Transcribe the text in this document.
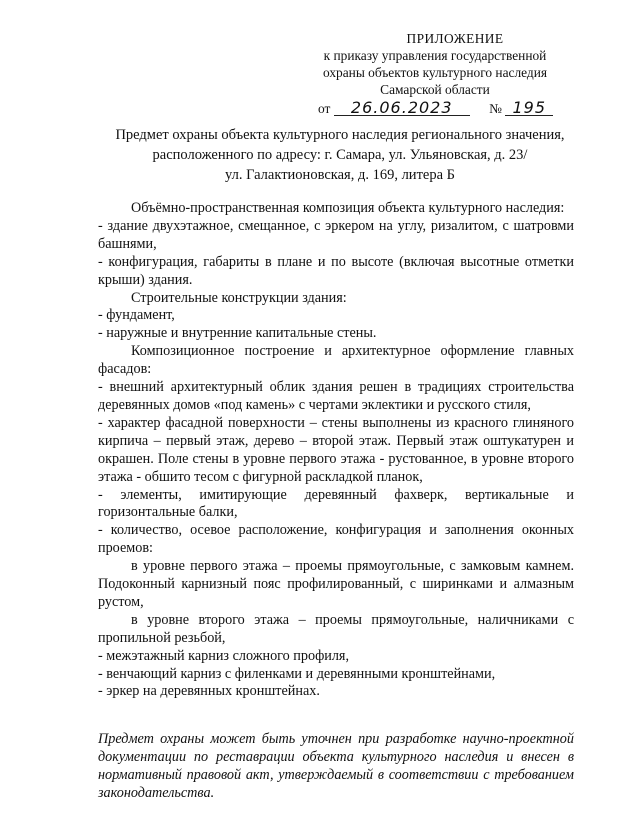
ПРИЛОЖЕНИЕ
к приказу управления государственной
охраны объектов культурного наследия
Самарской области
от 26.06.2023	№ 195
Предмет охраны объекта культурного наследия регионального значения,
расположенного по адресу: г. Самара, ул. Ульяновская, д. 23/
ул. Галактионовская, д. 169, литера Б

Объёмно-пространственная композиция объекта культурного наследия:

- здание двухэтажное, смещанное, с эркером на углу, ризалитом, с шатровми башнями,

- конфигурация, габариты в плане и по высоте (включая высотные отметки крыши) здания.

Строительные конструкции здания:

- фундамент,

- наружные и внутренние капитальные стены.

Композиционное построение и архитектурное оформление главных фасадов:

- внешний архитектурный облик здания решен в традициях строительства деревянных домов «под камень» с чертами эклектики и русского стиля,

- характер фасадной поверхности – стены выполнены из красного глиняного кирпича – первый этаж, дерево – второй этаж. Первый этаж оштукатурен и окрашен. Поле стены в уровне первого этажа - рустованное, в уровне второго этажа - обшито тесом с фигурной раскладкой планок,

- элементы, имитирующие деревянный фахверк, вертикальные и горизонтальные балки,

- количество, осевое расположение, конфигурация и заполнения оконных проемов:

в уровне первого этажа – проемы прямоугольные, с замковым камнем. Подоконный карнизный пояс профилированный, с ширинками и алмазным рустом,

в уровне второго этажа – проемы прямоугольные, наличниками с пропильной резьбой,

- межэтажный карниз сложного профиля,

- венчающий карниз с филенками и деревянными кронштейнами,

- эркер на деревянных кронштейнах.

Предмет охраны может быть уточнен при разработке научно-проектной документации по реставрации объекта культурного наследия и внесен в нормативный правовой акт, утверждаемый в соответствии с требованием законодательства.
